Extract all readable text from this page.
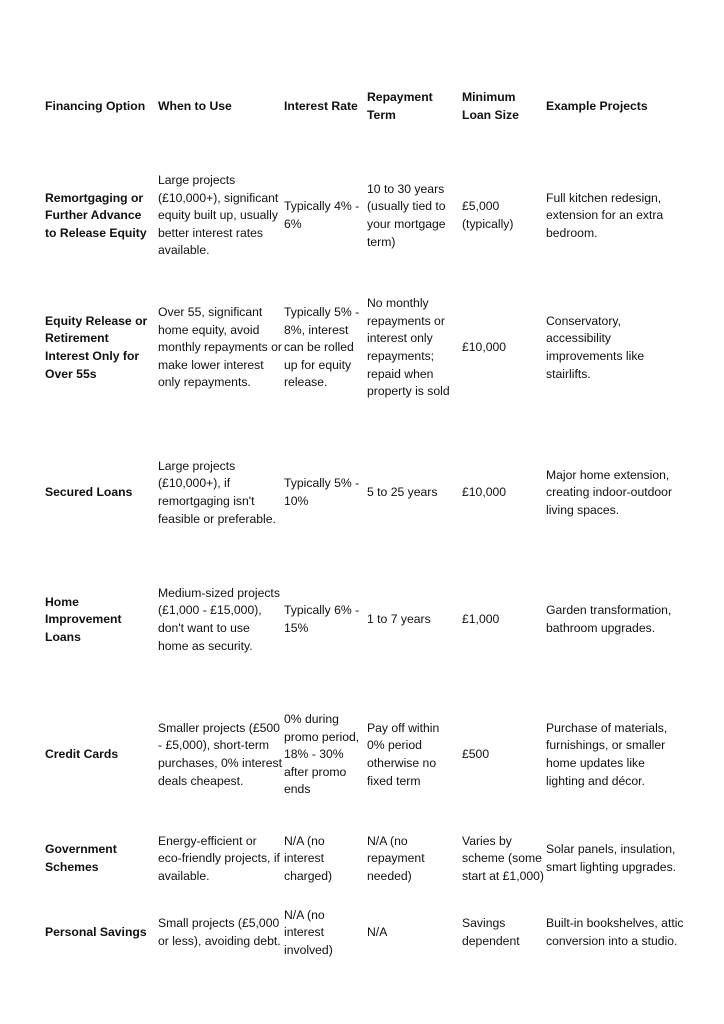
Financing Option When to Use	Interest Rate
Repayment Term
Minimum Loan Size
Example Projects
Remortgaging or Further Advance to Release Equity
Large projects (£10,000+), significant equity built up, usually better interest rates available.
Typically 4% - 6%
10 to 30 years (usually tied to your mortgage term)
£5,000 (typically)
Full kitchen redesign, extension for an extra bedroom.
Equity Release or Retirement Interest Only for Over 55s
Over 55, significant home equity, avoid monthly repayments or make lower interest only repayments.
Typically 5% - 8%, interest can be rolled up for equity release.
No monthly repayments or interest only repayments; repaid when property is sold
£10,000
Conservatory, accessibility improvements like stairlifts.
Secured Loans
Large projects (£10,000+), if remortgaging isn't feasible or preferable.
Typically 5% - 10%
5 to 25 years £10,000
Major home extension, creating indoor-outdoor living spaces.
Home Improvement Loans
Medium-sized projects (£1,000 - £15,000), don't want to use home as security.
Typically 6% - 15%
1 to 7 years	£1,000
Garden transformation, bathroom upgrades.
Credit Cards
Smaller projects (£500 - £5,000), short-term purchases, 0% interest deals cheapest.
0% during promo period, 18% - 30% after promo ends
Pay off within 0% period otherwise no fixed term
£500
Purchase of materials, furnishings, or smaller home updates like lighting and décor.
Government Schemes
Energy-efficient or eco-friendly projects, if available.
N/A (no interest charged)
N/A (no repayment needed)
Varies by scheme (some start at £1,000)
Solar panels, insulation, smart lighting upgrades.
Personal Savings
Small projects (£5,000 or less), avoiding debt.
N/A (no interest involved)
N/A
Savings dependent
Built-in bookshelves, attic conversion into a studio.
